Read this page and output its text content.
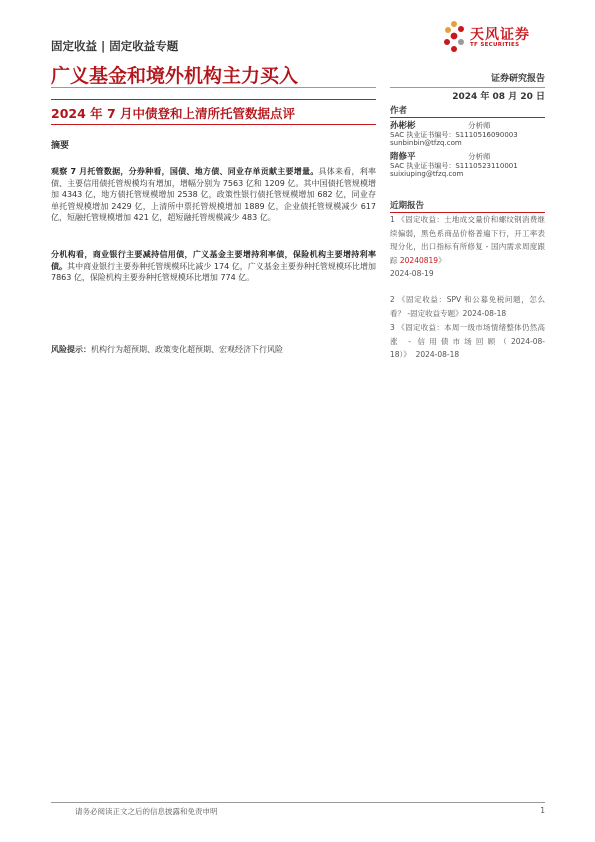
固定收益 | 固定收益专题
天风证券
TF SECURITIES
广义基金和境外机构主力买入	证券研究报告
2024 年 08 月 20 日
2024 年 7 月中债登和上清所托管数据点评
摘要
观察 7 月托管数据，分券种看，国债、地方债、同业存单贡献主要增量。具体来看，利率债、主要信用债托管规模均有增加，增幅分别为 7563 亿和 1209 亿。其中国债托管规模增加 4343 亿，地方债托管规模增加 2538 亿，政策性银行债托管规模增加 682 亿，同业存单托管规模增加 2429 亿，上清所中票托管规模增加 1889 亿，企业债托管规模减少 617 亿，短融托管规模增加 421 亿，超短融托管规模减少 483 亿。
分机构看，商业银行主要减持信用债，广义基金主要增持利率债，保险机构主要增持利率债。其中商业银行主要券种托管规模环比减少 174 亿，广义基金主要券种托管规模环比增加 7863 亿，保险机构主要券种托管规模环比增加 774 亿。
风险提示：机构行为超预期、政策变化超预期、宏观经济下行风险
作者
孙彬彬	分析师
SAC 执业证书编号：S1110516090003
sunbinbin@tfzq.com
隋修平	分析师
SAC 执业证书编号：S1110523110001
suixiuping@tfzq.com
近期报告
1 《固定收益：土地成交量价和螺纹钢消费继续偏弱，黑色系商品价格普遍下行，开工率表现分化，出口指标有所修复 - 国内需求周度跟踪 20240819》
2024-08-19
2 《固定收益：SPV 和公募免税问题，怎么看？ -固定收益专题》2024-08-18
3 《固定收益：本周一级市场情绪整体仍然高涨 - 信用债市场回顾（2024-08-18）》 2024-08-18
请务必阅读正文之后的信息披露和免责申明	1
